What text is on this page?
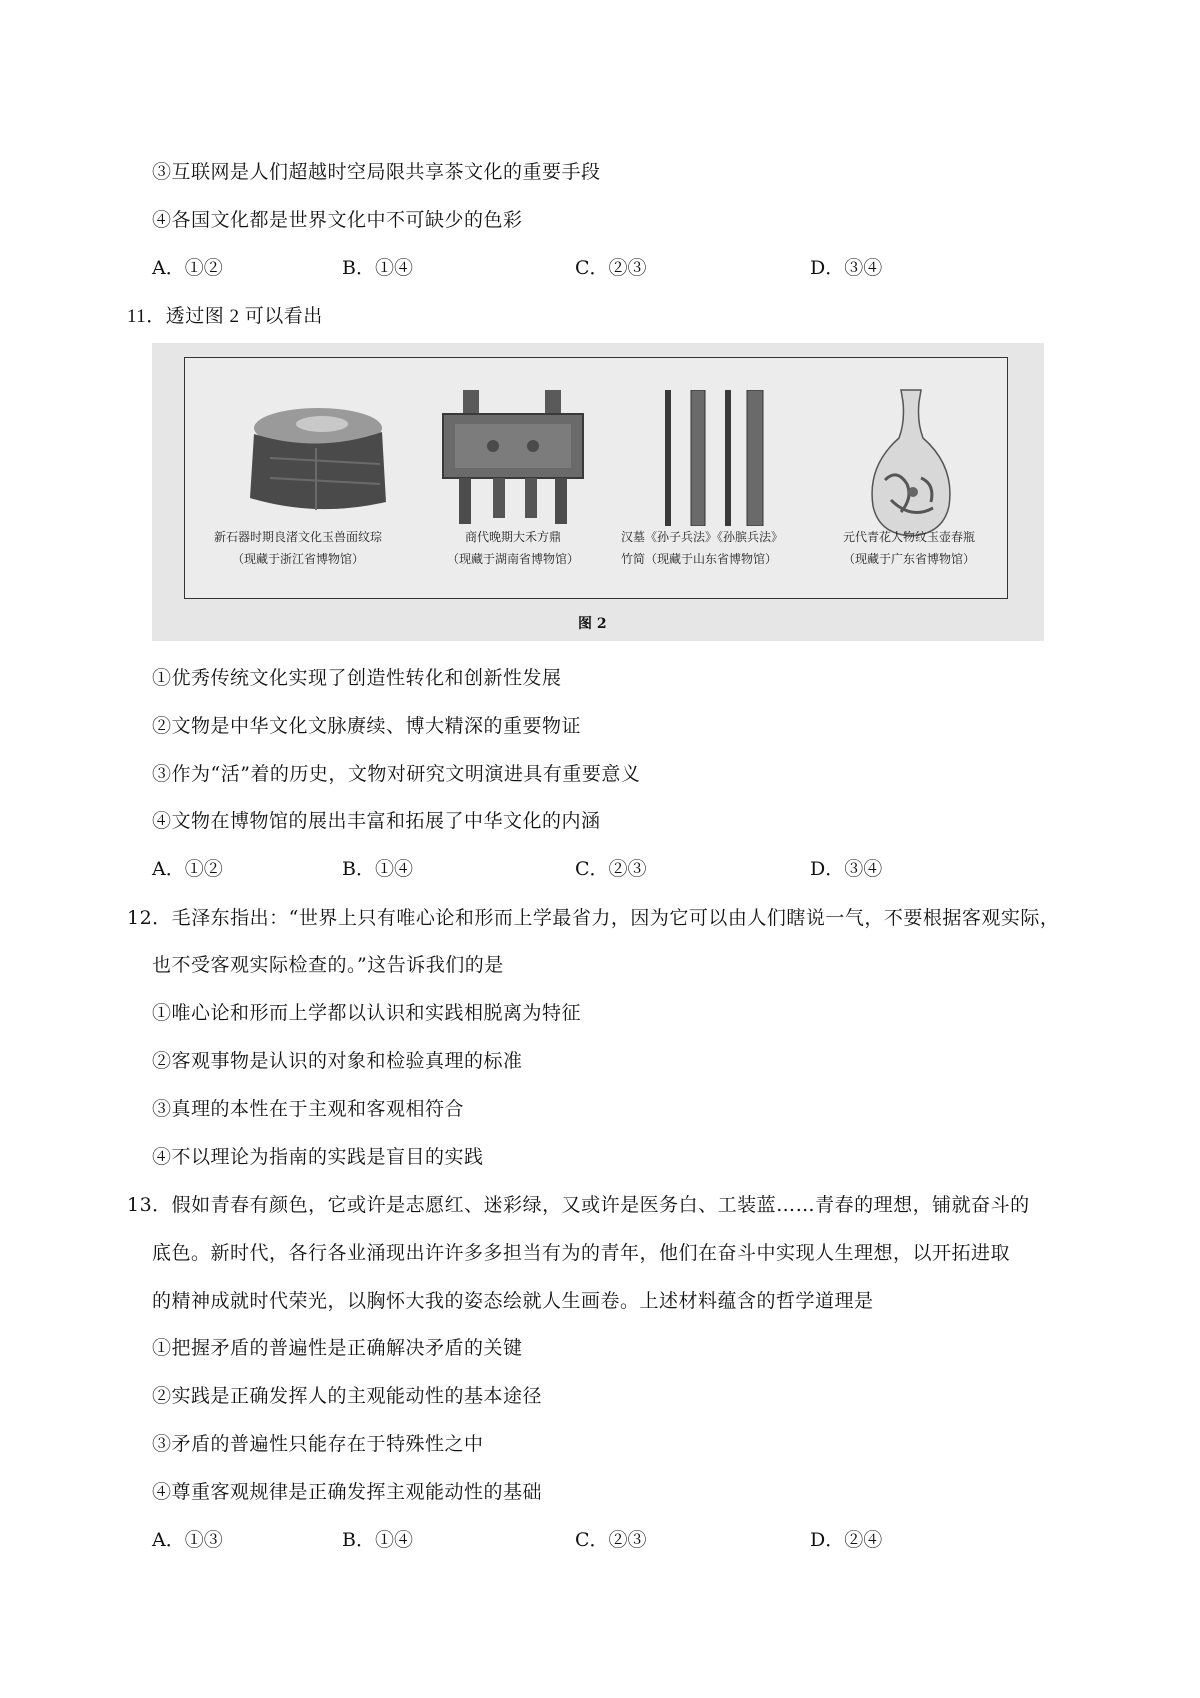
③互联网是人们超越时空局限共享茶文化的重要手段
④各国文化都是世界文化中不可缺少的色彩
A．①②	B．①④	C．②③	D．③④
11．透过图 2 可以看出
新石器时期良渚文化玉兽面纹琮
（现藏于浙江省博物馆）
商代晚期大禾方鼎
（现藏于湖南省博物馆）
汉墓《孙子兵法》《孙膑兵法》
竹简（现藏于山东省博物馆）
元代青花人物纹玉壶春瓶
（现藏于广东省博物馆）
图 2
①优秀传统文化实现了创造性转化和创新性发展
②文物是中华文化文脉赓续、博大精深的重要物证
③作为“活”着的历史，文物对研究文明演进具有重要意义
④文物在博物馆的展出丰富和拓展了中华文化的内涵
A．①②	B．①④	C．②③	D．③④
12．毛泽东指出：“世界上只有唯心论和形而上学最省力，因为它可以由人们瞎说一气，不要根据客观实际，
也不受客观实际检查的。”这告诉我们的是
①唯心论和形而上学都以认识和实践相脱离为特征
②客观事物是认识的对象和检验真理的标准
③真理的本性在于主观和客观相符合
④不以理论为指南的实践是盲目的实践
13．假如青春有颜色，它或许是志愿红、迷彩绿，又或许是医务白、工装蓝……青春的理想，铺就奋斗的
底色。新时代，各行各业涌现出许许多多担当有为的青年，他们在奋斗中实现人生理想，以开拓进取
的精神成就时代荣光，以胸怀大我的姿态绘就人生画卷。上述材料蕴含的哲学道理是
①把握矛盾的普遍性是正确解决矛盾的关键
②实践是正确发挥人的主观能动性的基本途径
③矛盾的普遍性只能存在于特殊性之中
④尊重客观规律是正确发挥主观能动性的基础
A．①③	B．①④	C．②③	D．②④
